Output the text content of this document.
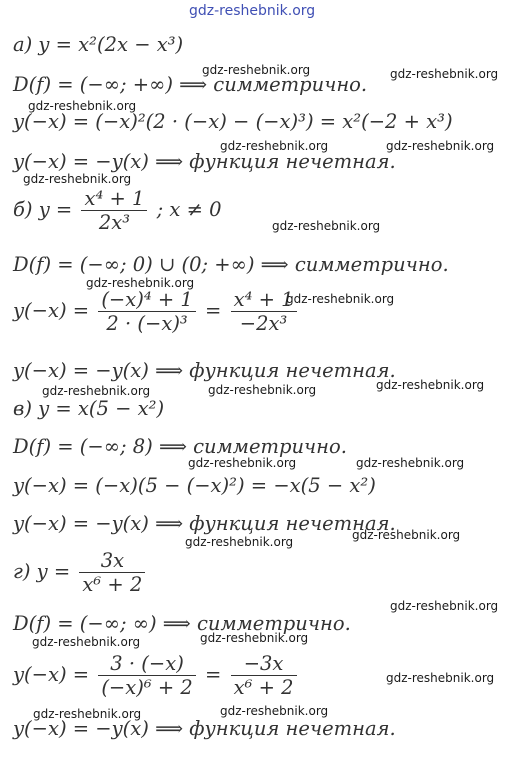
gdz-reshebnik.org
а) y = x²(2x − x³)
D(f) = (−∞; +∞) ⟹ симметрично.
y(−x) = (−x)²(2 · (−x) − (−x)³) = x²(−2 + x³)
y(−x) = −y(x) ⟹ функция нечетная.
б) $y = \frac{\text{x⁴ + 1}}{\text{2x³}}$ ; x ≠ 0
D(f) = (−∞; 0) ∪ (0; +∞) ⟹ симметрично.
$y(-x) = \frac{\text{(−x)⁴ + 1}}{\text{2 · (−x)³}} = \frac{\text{x⁴ + 1}}{\text{−2x³}}$
y(−x) = −y(x) ⟹ функция нечетная.
в) y = x(5 − x²)
D(f) = (−∞; 8) ⟹ симметрично.
y(−x) = (−x)(5 − (−x)²) = −x(5 − x²)
y(−x) = −y(x) ⟹ функция нечетная.
г) $y = \frac{3x}{\text{x⁶ + 2}}$
D(f) = (−∞; ∞) ⟹ симметрично.
$y(-x) = \frac{3 \cdot (-x)}{\text{(−x)⁶ + 2}} = \frac{-3x}{\text{x⁶ + 2}}$
y(−x) = −y(x) ⟹ функция нечетная.
gdz-reshebnik.org	gdz-reshebnik.org
gdz-reshebnik.org
gdz-reshebnik.org	gdz-reshebnik.org
gdz-reshebnik.org
gdz-reshebnik.org
gdz-reshebnik.org
gdz-reshebnik.org
gdz-reshebnik.org	gdz-reshebnik.org	gdz-reshebnik.org
gdz-reshebnik.org	gdz-reshebnik.org
gdz-reshebnik.org	gdz-reshebnik.org
gdz-reshebnik.org
gdz-reshebnik.org
gdz-reshebnik.org
gdz-reshebnik.org
gdz-reshebnik.org	gdz-reshebnik.org
